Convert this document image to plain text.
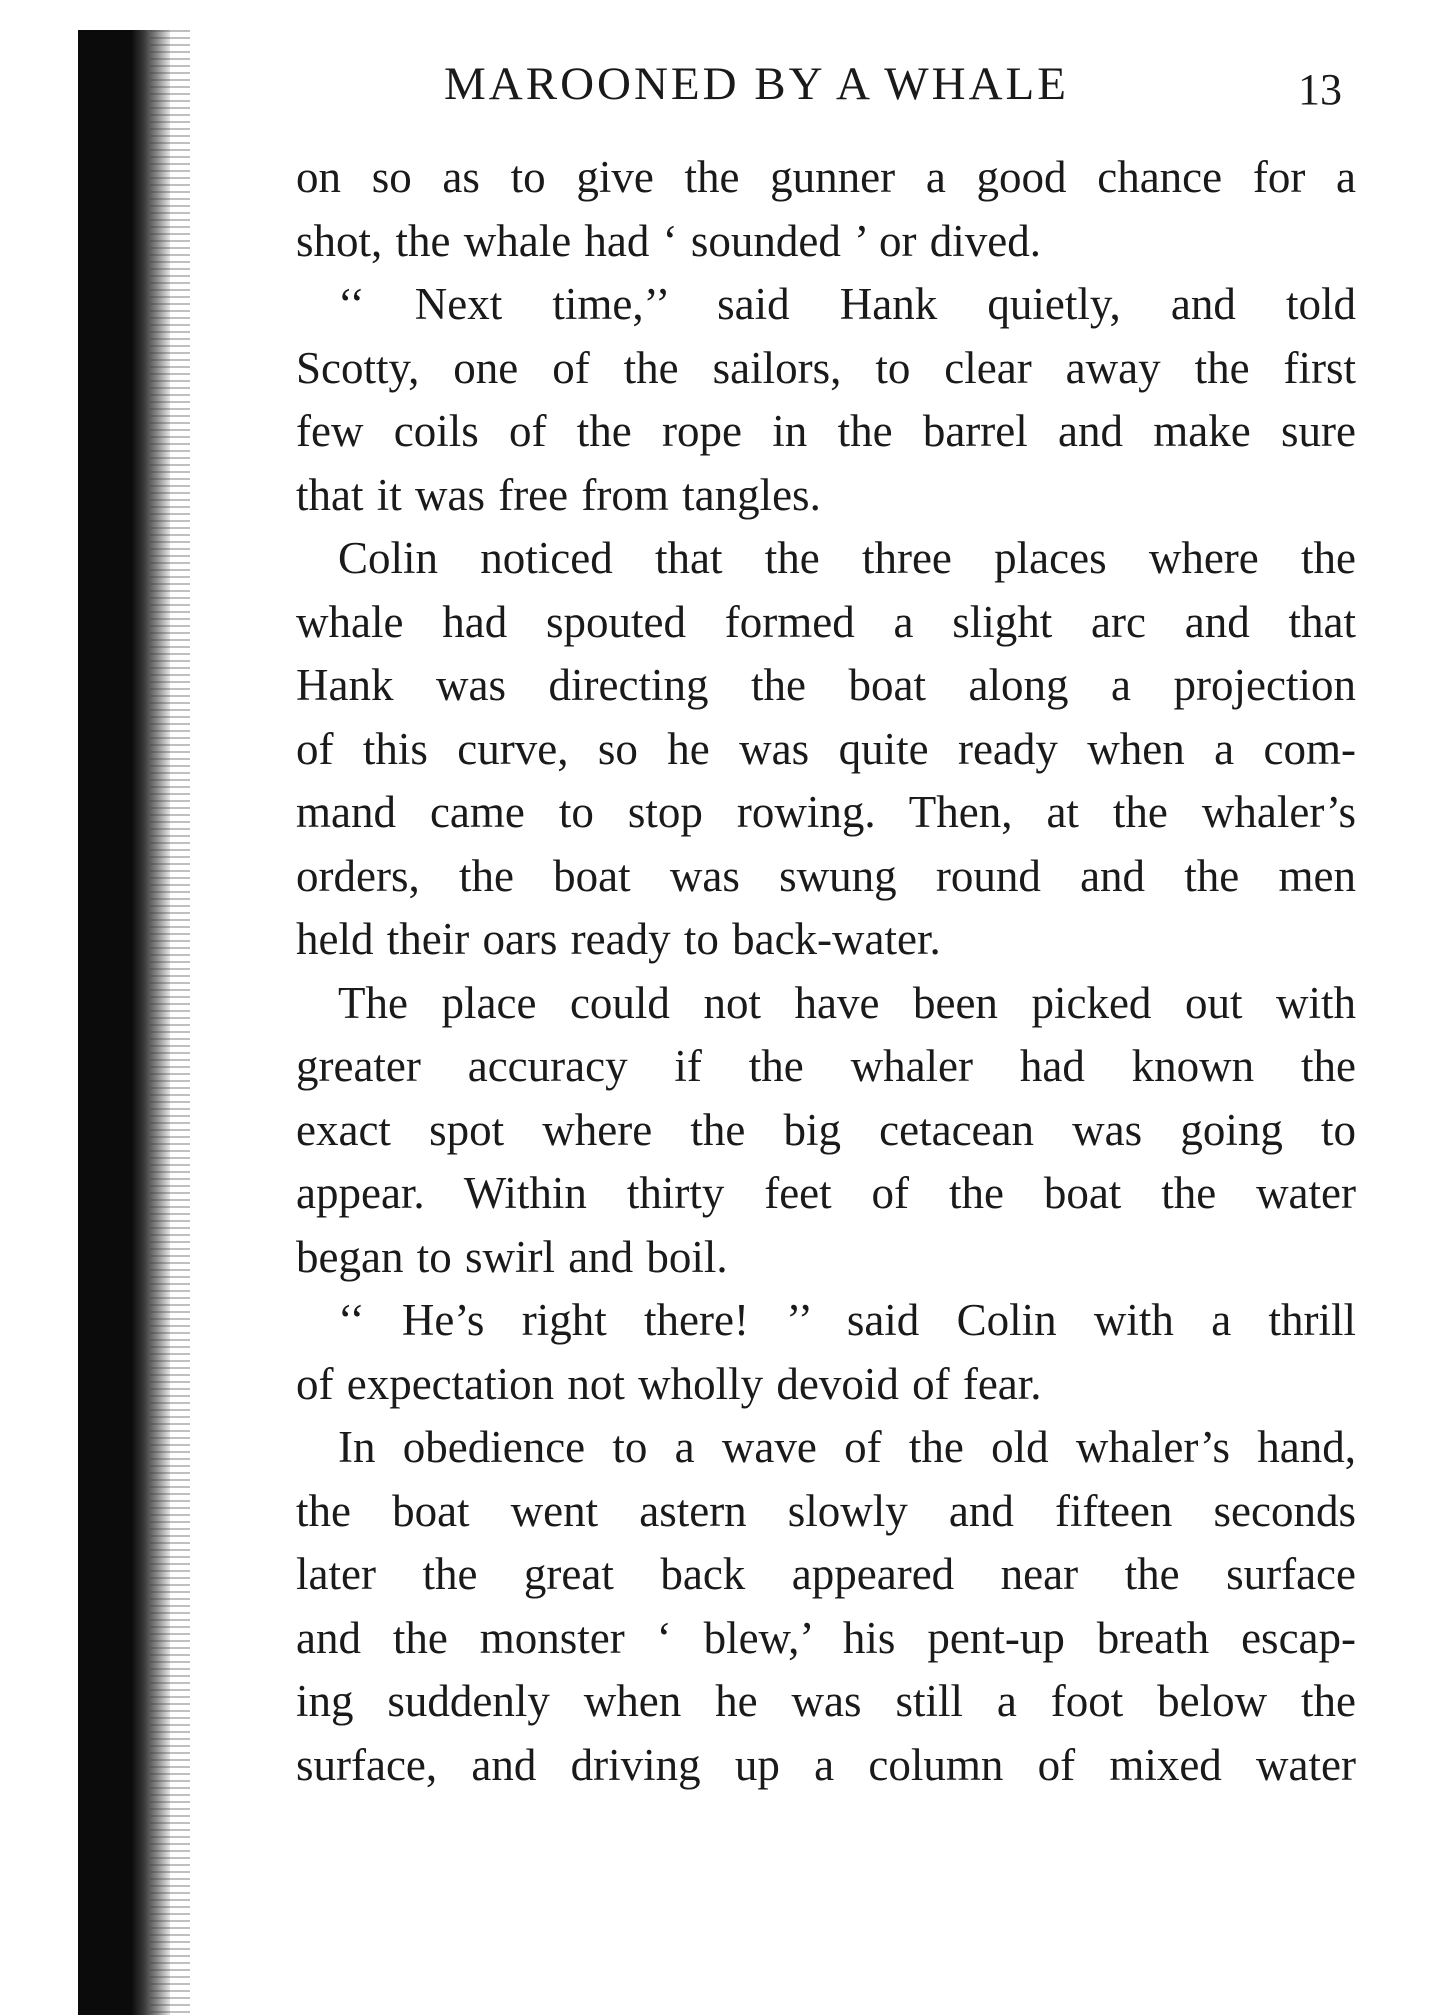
MAROONED BY A WHALE	13
on so as to give the gunner a good chance for a
shot, the whale had ‘ sounded ’ or dived.
‘‘ Next time,’’ said Hank quietly, and told
Scotty, one of the sailors, to clear away the first
few coils of the rope in the barrel and make sure
that it was free from tangles.
Colin noticed that the three places where the
whale had spouted formed a slight arc and that
Hank was directing the boat along a projection
of this curve, so he was quite ready when a com-
mand came to stop rowing. Then, at the whaler’s
orders, the boat was swung round and the men
held their oars ready to back-water.
The place could not have been picked out with
greater accuracy if the whaler had known the
exact spot where the big cetacean was going to
appear. Within thirty feet of the boat the water
began to swirl and boil.
‘‘ He’s right there! ’’ said Colin with a thrill
of expectation not wholly devoid of fear.
In obedience to a wave of the old whaler’s hand,
the boat went astern slowly and fifteen seconds
later the great back appeared near the surface
and the monster ‘ blew,’ his pent-up breath escap-
ing suddenly when he was still a foot below the
surface, and driving up a column of mixed water
